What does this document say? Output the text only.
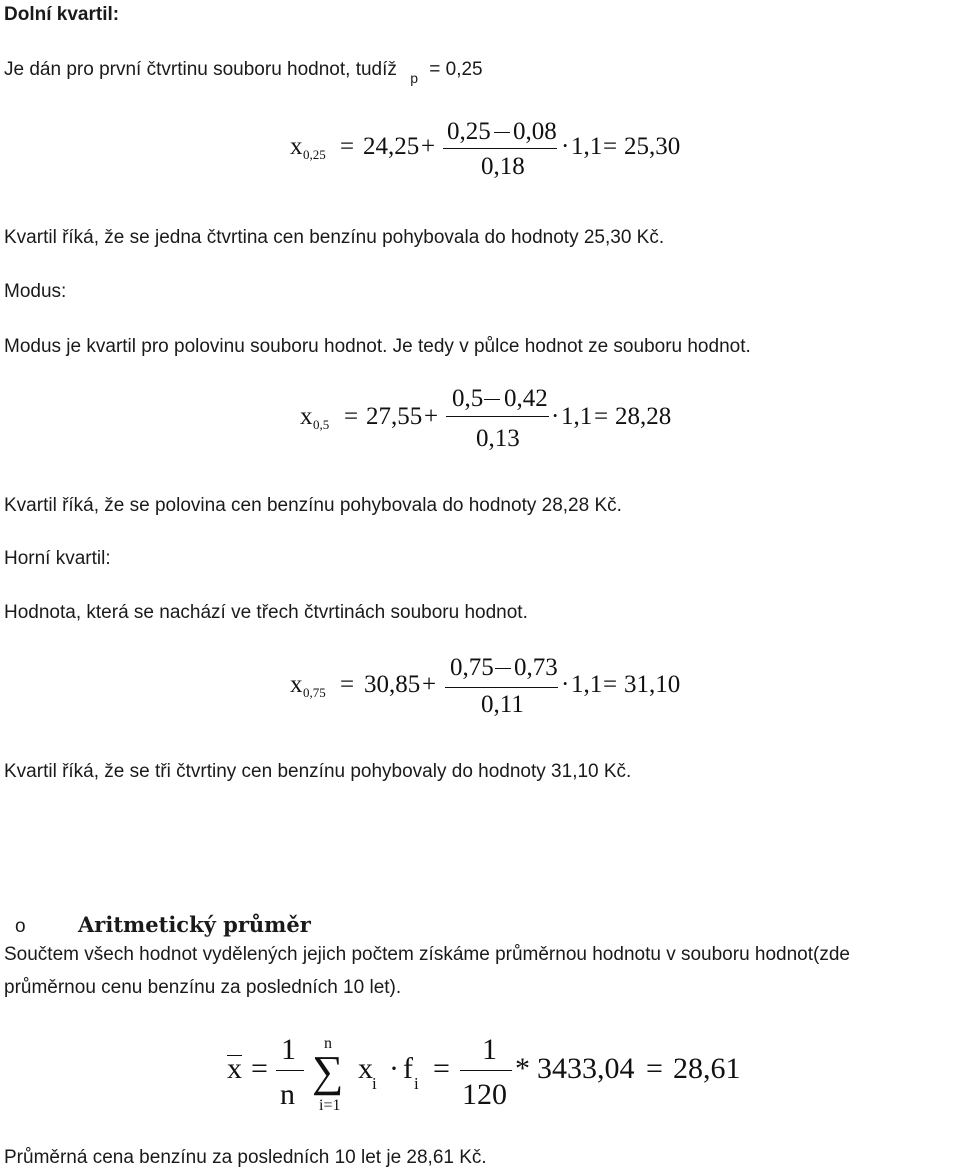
Dolní kvartil:
Je dán pro první čtvrtinu souboru hodnot, tudíž $_p$ = 0,25
x 0,25 = 24,25 +
0,25 0,08
0,18
· 1,1 = 25,30
Kvartil říká, že se jedna čtvrtina cen benzínu pohybovala do hodnoty 25,30 Kč.
Modus:
Modus je kvartil pro polovinu souboru hodnot. Je tedy v půlce hodnot ze souboru hodnot.
x 0,5 = 27,55 +
0,5 0,42
0,13
· 1,1 = 28,28
Kvartil říká, že se polovina cen benzínu pohybovala do hodnoty 28,28 Kč.
Horní kvartil:
Hodnota, která se nachází ve třech čtvrtinách souboru hodnot.
x 0,75 = 30,85 +
0,75 0,73
0,11
· 1,1 = 31,10
Kvartil říká, že se tři čtvrtiny cen benzínu pohybovaly do hodnoty 31,10 Kč.
o Aritmetický průměr
Součtem všech hodnot vydělených jejich počtem získáme průměrnou hodnotu v souboru hodnot(zde
průměrnou cenu benzínu za posledních 10 let).
x =
1
n
n
∑
i=1
x i · f i =
1
120
* 3433,04 = 28,61
Průměrná cena benzínu za posledních 10 let je 28,61 Kč.
